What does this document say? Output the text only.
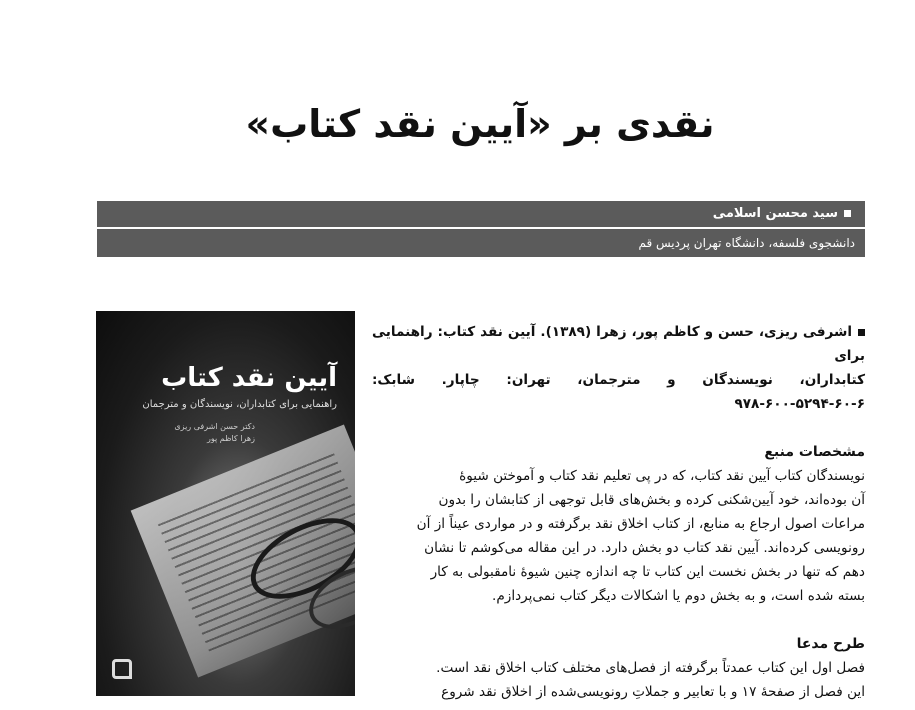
نقدی بر «آیین نقد کتاب»
سید محسن اسلامی
دانشجوی فلسفه، دانشگاه تهران پردیس قم
آیین نقد کتاب
راهنمایی برای کتابداران، نویسندگان و مترجمان
دکتر حسن اشرفی ریزی
زهرا کاظم پور

اشرفی ریزی، حسن و کاظم پور، زهرا (۱۳۸۹). آیین نقد کتاب: راهنمایی برای

کتابداران، نویسندگان و مترجمان، تهران: چاپار. شابک: ۶-۶۰-۵۲۹۴-۶۰۰-۹۷۸

مشخصات منبع

نویسندگان کتاب آیین نقد کتاب، که در پی تعلیم نقد کتاب و آموختن شیوۀ

آن بوده‌اند، خود آیین‌شکنی کرده و بخش‌های قابل توجهی از کتابشان را بدون

مراعات اصول ارجاع به منابع، از کتاب اخلاق نقد برگرفته و در مواردی عیناً از آن

رونویسی کرده‌اند. آیین نقد کتاب دو بخش دارد. در این مقاله می‌کوشم تا نشان

دهم که تنها در بخش نخست این کتاب تا چه اندازه چنین شیوۀ نامقبولی به کار

بسته شده است، و به بخش دوم یا اشکالات دیگر کتاب نمی‌پردازم.

طرح مدعا

فصل اول این کتاب عمدتاً برگرفته از فصل‌های مختلف کتاب اخلاق نقد است.

این فصل از صفحۀ ۱۷ و با تعابیر و جملاتِ رونویسی‌شده از اخلاق نقد شروع
